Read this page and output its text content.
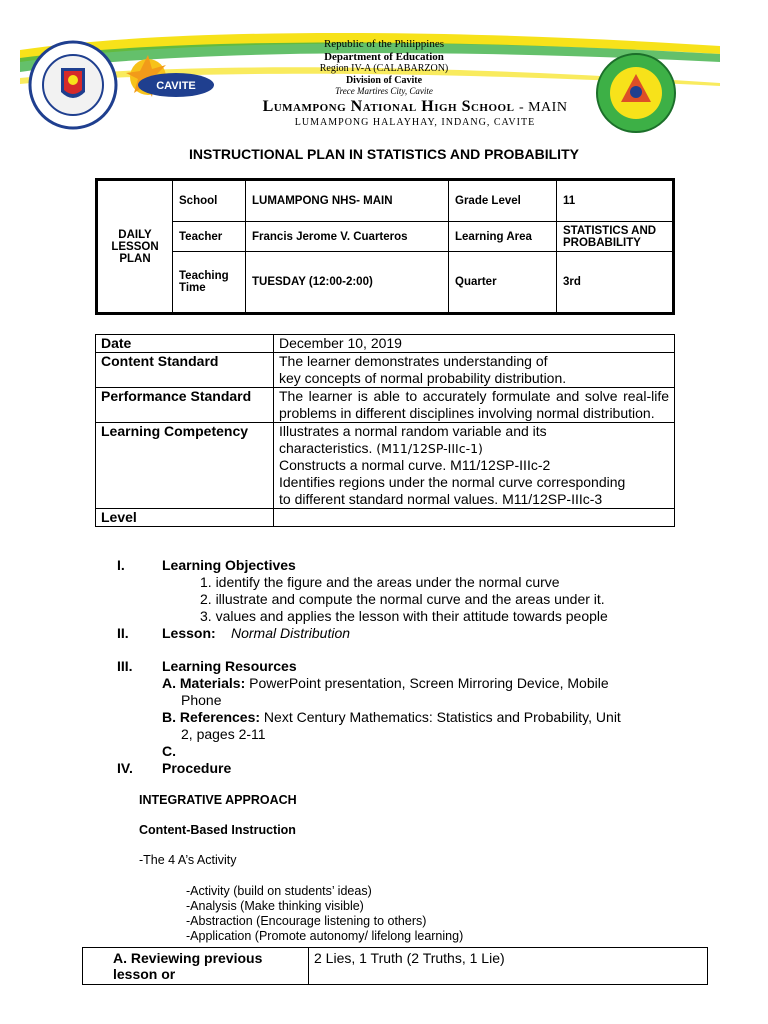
CAVITE
Republic of the Philippines
Department of Education
Region IV-A (CALABARZON)
Division of Cavite
Trece Martires City, Cavite
Lumampong National High School - MAIN
LUMAMPONG HALAYHAY, INDANG, CAVITE
INSTRUCTIONAL PLAN IN STATISTICS AND PROBABILITY
DAILY LESSON PLAN	School	LUMAMPONG NHS- MAIN	Grade Level	11
	Teacher	Francis Jerome V. Cuarteros	Learning Area	STATISTICS AND PROBABILITY
	Teaching Time	TUESDAY (12:00-2:00)	Quarter	3rd
Date	December 10, 2019
Content Standard	The learner demonstrates understanding of
key concepts of normal probability distribution.

Performance Standard	The learner is able to accurately formulate and solve real-life problems in different disciplines involving normal distribution.
Learning Competency	Illustrates a normal random variable and its
characteristics. (M11/12SP-IIIc-1)
Constructs a normal curve. M11/12SP-IIIc-2
Identifies regions under the normal curve corresponding
to different standard normal values. M11/12SP-IIIc-3

Level	
I.	Learning Objectives
1. identify the figure and the areas under the normal curve
2. illustrate and compute the normal curve and the areas under it.
3. values and applies the lesson with their attitude towards people
II. Lesson: Normal Distribution
III. Learning Resources
A. Materials: PowerPoint presentation, Screen Mirroring Device, Mobile
Phone
B. References: Next Century Mathematics: Statistics and Probability, Unit
2, pages 2-11
C.
IV. Procedure
INTEGRATIVE APPROACH
Content-Based Instruction
-The 4 A’s Activity
-Activity (build on students’ ideas)
-Analysis (Make thinking visible)
-Abstraction (Encourage listening to others)
-Application (Promote autonomy/ lifelong learning)
A. Reviewing previous lesson or	2 Lies, 1 Truth (2 Truths, 1 Lie)
